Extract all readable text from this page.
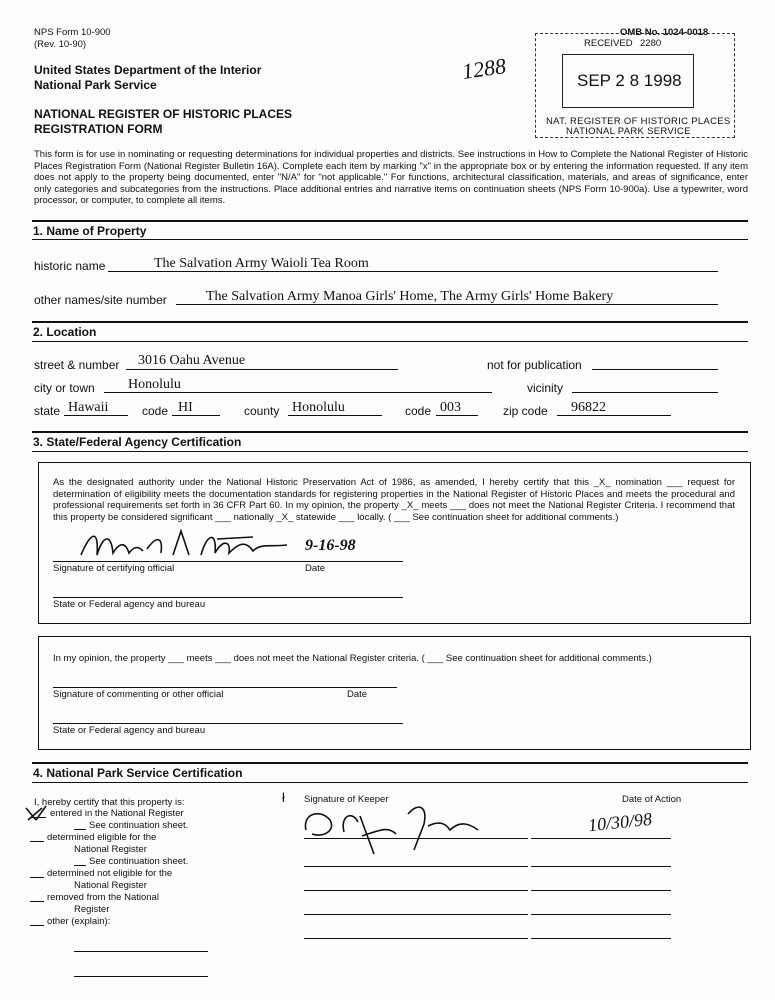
NPS Form 10-900
(Rev. 10-90)
OMB No. 1024-0018
United States Department of the Interior
National Park Service
NATIONAL REGISTER OF HISTORIC PLACES
REGISTRATION FORM
1288
RECEIVED 2280
SEP 2 8 1998
NAT. REGISTER OF HISTORIC PLACES
NATIONAL PARK SERVICE
This form is for use in nominating or requesting determinations for individual properties and districts. See instructions in How to Complete the National Register of Historic Places Registration Form (National Register Bulletin 16A). Complete each item by marking "x" in the appropriate box or by entering the information requested. If any item does not apply to the property being documented, enter "N/A" for "not applicable." For functions, architectural classification, materials, and areas of significance, enter only categories and subcategories from the instructions. Place additional entries and narrative items on continuation sheets (NPS Form 10-900a). Use a typewriter, word processor, or computer, to complete all items.
1. Name of Property
historic name	The Salvation Army Waioli Tea Room
other names/site number	The Salvation Army Manoa Girls' Home, The Army Girls' Home Bakery
2. Location
street & number 3016 Oahu Avenue	not for publication
city or town Honolulu	vicinity
state Hawaii	code HI	county Honolulu	code 003	zip code 96822
3. State/Federal Agency Certification
As the designated authority under the National Historic Preservation Act of 1986, as amended, I hereby certify that this _X_ nomination ___ request for determination of eligibility meets the documentation standards for registering properties in the National Register of Historic Places and meets the procedural and professional requirements set forth in 36 CFR Part 60. In my opinion, the property _X_ meets ___ does not meet the National Register Criteria. I recommend that this property be considered significant ___ nationally _X_ statewide ___ locally. ( ___ See continuation sheet for additional comments.)
9-16-98
Signature of certifying official	Date
State or Federal agency and bureau
In my opinion, the property ___ meets ___ does not meet the National Register criteria. ( ___ See continuation sheet for additional comments.)
Signature of commenting or other official	Date
State or Federal agency and bureau
4. National Park Service Certification
I, hereby certify that this property is:
entered in the National Register
See continuation sheet.
determined eligible for the
National Register
See continuation sheet.
determined not eligible for the
National Register
removed from the National
Register
other (explain):
ł Signature of Keeper	Date of Action
10/30/98
